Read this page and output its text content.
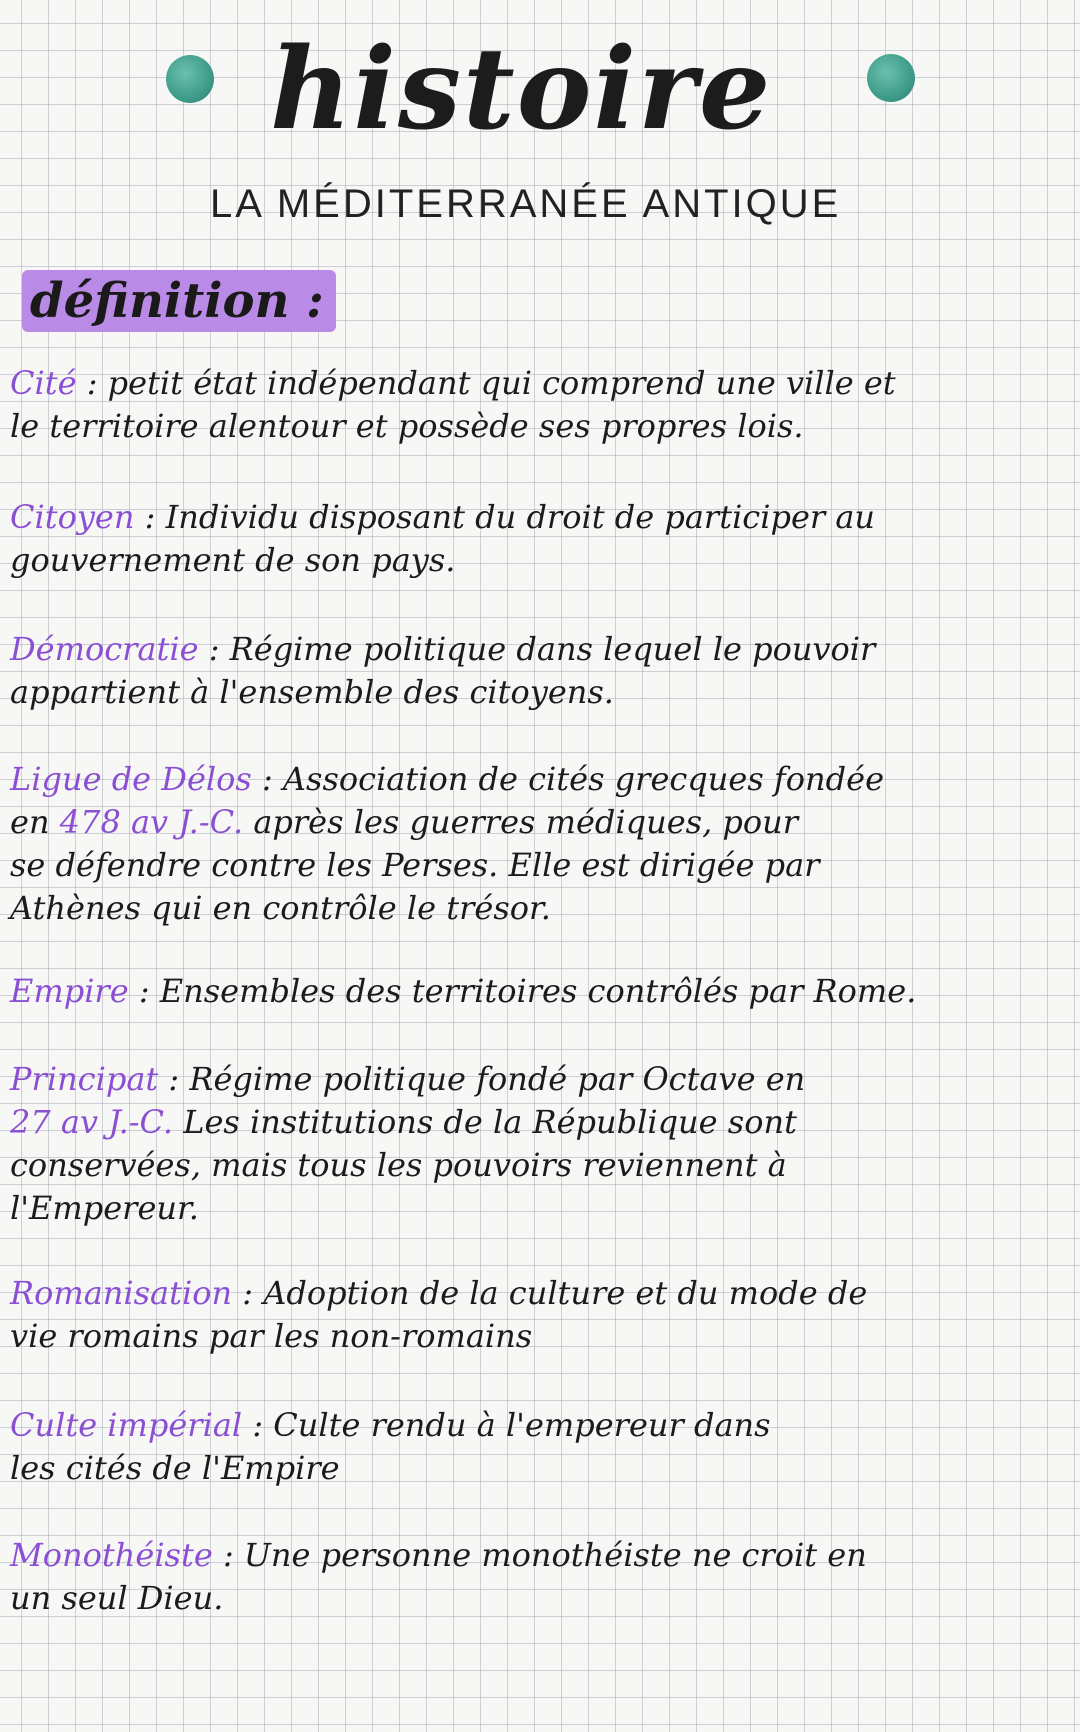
histoire
LA MÉDITERRANÉE ANTIQUE
définition :
Cité : petit état indépendant qui comprend une ville et
le territoire alentour et possède ses propres lois.
Citoyen : Individu disposant du droit de participer au
gouvernement de son pays.
Démocratie : Régime politique dans lequel le pouvoir
appartient à l'ensemble des citoyens.
Ligue de Délos : Association de cités grecques fondée
en 478 av J.-C. après les guerres médiques, pour
se défendre contre les Perses. Elle est dirigée par
Athènes qui en contrôle le trésor.
Empire : Ensembles des territoires contrôlés par Rome.
Principat : Régime politique fondé par Octave en
27 av J.-C. Les institutions de la République sont
conservées, mais tous les pouvoirs reviennent à
l'Empereur.
Romanisation : Adoption de la culture et du mode de
vie romains par les non-romains
Culte impérial : Culte rendu à l'empereur dans
les cités de l'Empire
Monothéiste : Une personne monothéiste ne croit en
un seul Dieu.
